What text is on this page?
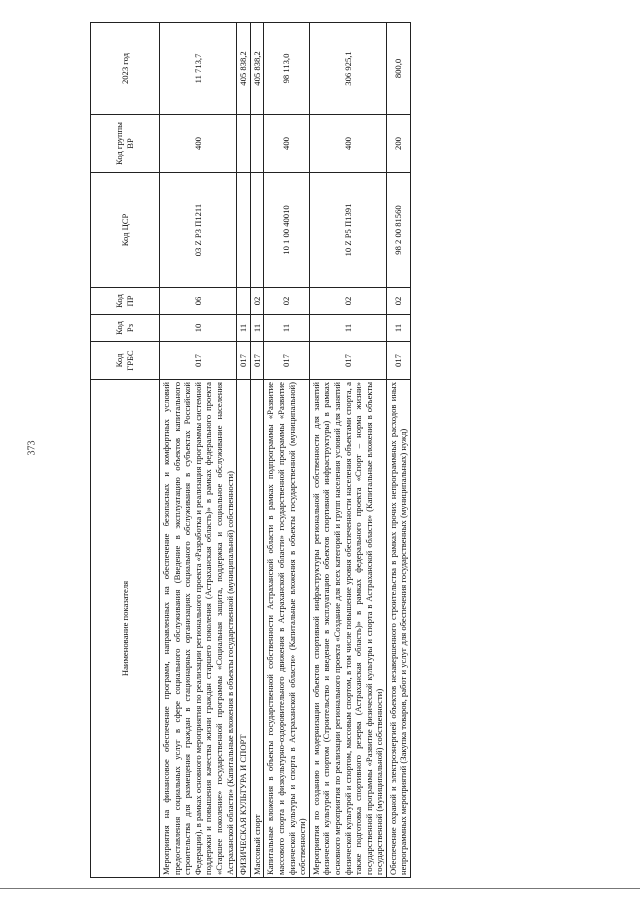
373
Наименование показателя	Код ГРБС	Код Рз	Код ПР	Код ЦСР	Код группы ВР	2023 год
Мероприятия на финансовое обеспечение программ, направленных на обеспечение безопасных и комфортных условий предоставления социальных услуг в сфере социального обслуживания (Введение в эксплуатацию объектов капитального строительства для размещения граждан в стационарных организациях социального обслуживания в субъектах Российской Федерации), в рамках основного мероприятия по реализации регионального проекта «Разработка и реализация программы системной поддержки и повышения качества жизни граждан старшего поколения (Астраханская область)» в рамках федерального проекта «Старшее поколение» государственной программы «Социальная защита, поддержка и социальное обслуживание населения Астраханской области» (Капитальные вложения в объекты государственной (муниципальной) собственности)	017	10	06	03 Z P3 П1211	400	11 713,7
ФИЗИЧЕСКАЯ КУЛЬТУРА И СПОРТ	017	11				405 838,2
Массовый спорт	017	11	02			405 838,2
Капитальные вложения в объекты государственной собственности Астраханской области в рамках подпрограммы «Развитие массового спорта и физкультурно-оздоровительного движения в Астраханской области» государственной программы «Развитие физической культуры и спорта в Астраханской области» (Капитальные вложения в объекты государственной (муниципальной) собственности)	017	11	02	10 1 00 40010	400	98 113,0
Мероприятия по созданию и модернизации объектов спортивной инфраструктуры региональной собственности для занятий физической культурой и спортом (Строительство и введение в эксплуатацию объектов спортивной инфраструктуры) в рамках основного мероприятия по реализации регионального проекта «Создание для всех категорий и групп населения условий для занятий физической культурой и спортом, массовым спортом, в том числе повышение уровня обеспеченности населения объектами спорта, а также подготовка спортивного резерва (Астраханская область)» в рамках федерального проекта «Спорт – норма жизни» государственной программы «Развитие физической культуры и спорта в Астраханской области» (Капитальные вложения в объекты государственной (муниципальной) собственности)	017	11	02	10 Z P5 П1391	400	306 925,1
Обеспечение охраной и электроэнергией объектов незавершенного строительства в рамках прочих непрограммных расходов иных непрограммных мероприятий (Закупка товаров, работ и услуг для обеспечения государственных (муниципальных) нужд)	017	11	02	98 2 00 81560	200	800,0
